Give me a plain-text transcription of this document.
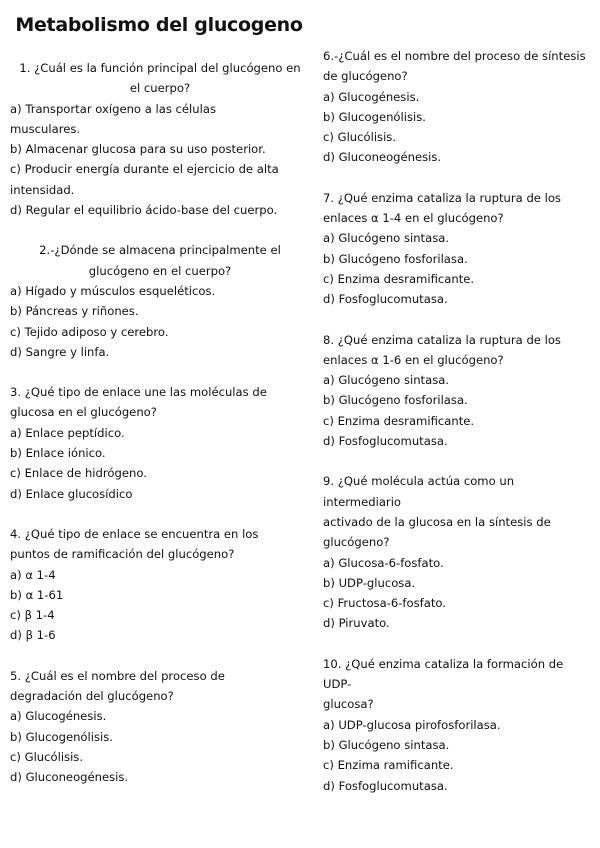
Metabolismo del glucogeno
1. ¿Cuál es la función principal del glucógeno en
el cuerpo?
a) Transportar oxígeno a las células
musculares.
b) Almacenar glucosa para su uso posterior.
c) Producir energía durante el ejercicio de alta
intensidad.
d) Regular el equilibrio ácido-base del cuerpo.
2.-¿Dónde se almacena principalmente el
glucógeno en el cuerpo?
a) Hígado y músculos esqueléticos.
b) Páncreas y riñones.
c) Tejido adiposo y cerebro.
d) Sangre y linfa.
3. ¿Qué tipo de enlace une las moléculas de
glucosa en el glucógeno?
a) Enlace peptídico.
b) Enlace iónico.
c) Enlace de hidrógeno.
d) Enlace glucosídico
4. ¿Qué tipo de enlace se encuentra en los
puntos de ramificación del glucógeno?
a) α 1-4
b) α 1-61
c) β 1-4
d) β 1-6
5. ¿Cuál es el nombre del proceso de
degradación del glucógeno?
a) Glucogénesis.
b) Glucogenólisis.
c) Glucólisis.
d) Gluconeogénesis.
6.-¿Cuál es el nombre del proceso de síntesis
de glucógeno?
a) Glucogénesis.
b) Glucogenólisis.
c) Glucólisis.
d) Gluconeogénesis.
7. ¿Qué enzima cataliza la ruptura de los
enlaces α 1-4 en el glucógeno?
a) Glucógeno sintasa.
b) Glucógeno fosforilasa.
c) Enzima desramificante.
d) Fosfoglucomutasa.
8. ¿Qué enzima cataliza la ruptura de los
enlaces α 1-6 en el glucógeno?
a) Glucógeno sintasa.
b) Glucógeno fosforilasa.
c) Enzima desramificante.
d) Fosfoglucomutasa.
9. ¿Qué molécula actúa como un intermediario
activado de la glucosa en la síntesis de
glucógeno?
a) Glucosa-6-fosfato.
b) UDP-glucosa.
c) Fructosa-6-fosfato.
d) Piruvato.
10. ¿Qué enzima cataliza la formación de UDP-
glucosa?
a) UDP-glucosa pirofosforilasa.
b) Glucógeno sintasa.
c) Enzima ramificante.
d) Fosfoglucomutasa.
